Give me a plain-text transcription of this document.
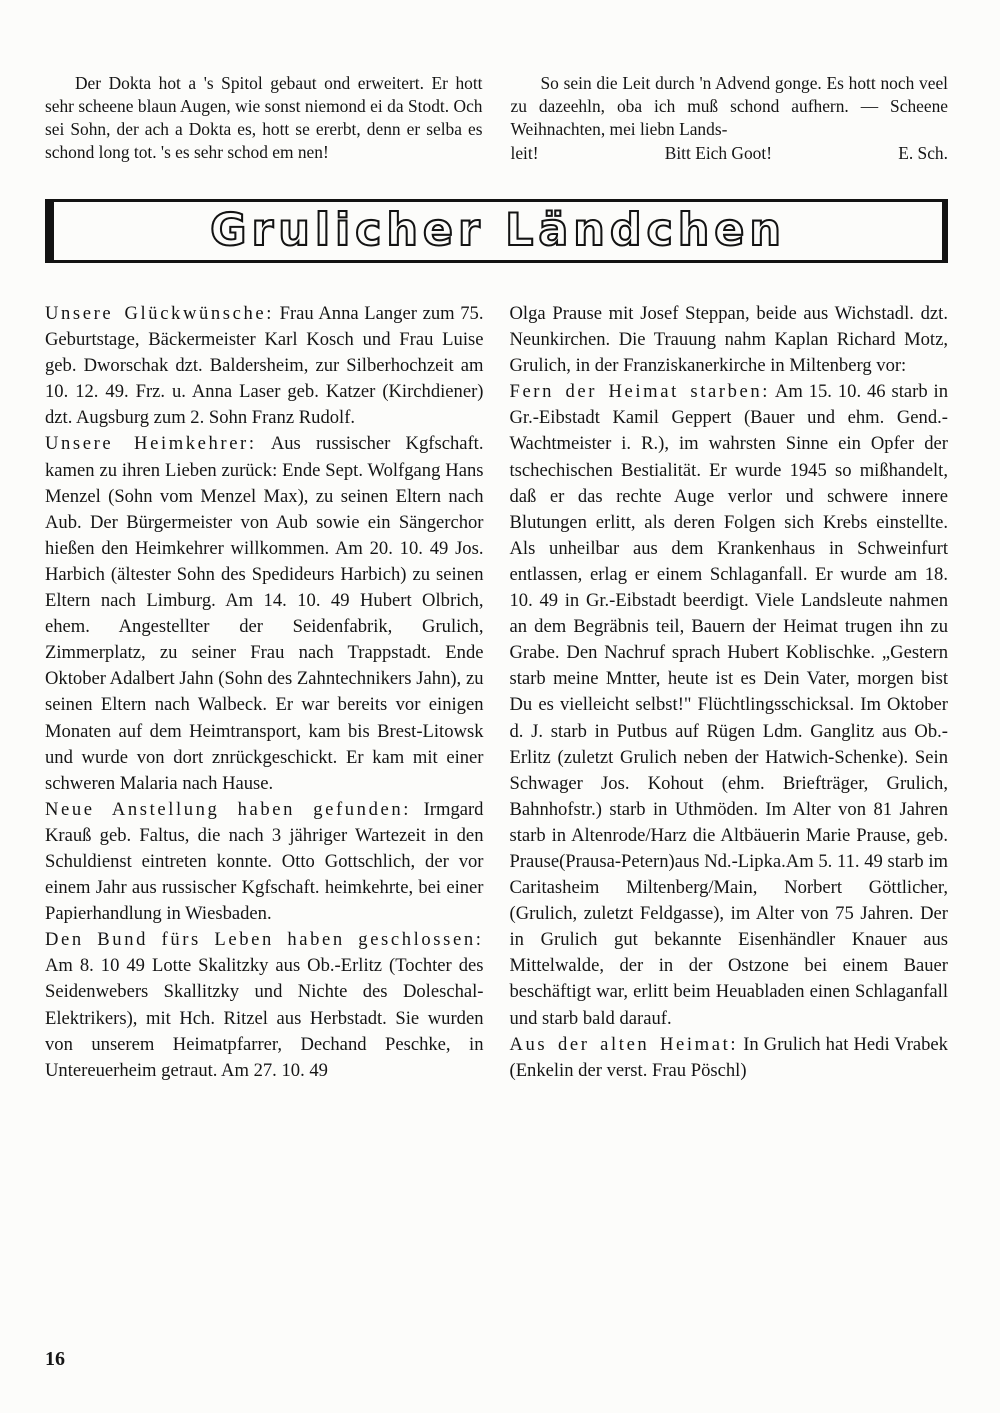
Der Dokta hot a 's Spitol gebaut ond erweitert. Er hott sehr scheene blaun Augen, wie sonst niemond ei da Stodt. Och sei Sohn, der ach a Dokta es, hott se ererbt, denn er selba es schond long tot. 's es sehr schod em nen!

So sein die Leit durch 'n Advend gonge. Es hott noch veel zu dazeehln, oba ich muß schond aufhern. — Scheene Weihnachten, mei liebn Lands-

leit!	Bitt Eich Goot!	E. Sch.
Grulicher Ländchen

Unsere Glückwünsche: Frau Anna Langer zum 75. Geburtstage, Bäckermeister Karl Kosch und Frau Luise geb. Dworschak dzt. Baldersheim, zur Silberhochzeit am 10. 12. 49. Frz. u. Anna Laser geb. Katzer (Kirchdiener) dzt. Augsburg zum 2. Sohn Franz Rudolf.

Unsere Heimkehrer: Aus russischer Kgfschaft. kamen zu ihren Lieben zurück: Ende Sept. Wolfgang Hans Menzel (Sohn vom Menzel Max), zu seinen Eltern nach Aub. Der Bürgermeister von Aub sowie ein Sängerchor hießen den Heimkehrer willkommen. Am 20. 10. 49 Jos. Harbich (ältester Sohn des Spedideurs Harbich) zu seinen Eltern nach Limburg. Am 14. 10. 49 Hubert Olbrich, ehem. Angestellter der Seidenfabrik, Grulich, Zimmerplatz, zu seiner Frau nach Trappstadt. Ende Oktober Adalbert Jahn (Sohn des Zahntechnikers Jahn), zu seinen Eltern nach Walbeck. Er war bereits vor einigen Monaten auf dem Heimtransport, kam bis Brest-Litowsk und wurde von dort znrückgeschickt. Er kam mit einer schweren Malaria nach Hause.

Neue Anstellung haben gefunden: Irmgard Krauß geb. Faltus, die nach 3 jähriger Wartezeit in den Schuldienst eintreten konnte. Otto Gottschlich, der vor einem Jahr aus russischer Kgfschaft. heimkehrte, bei einer Papierhandlung in Wiesbaden.

Den Bund fürs Leben haben geschlossen: Am 8. 10 49 Lotte Skalitzky aus Ob.-Erlitz (Tochter des Seidenwebers Skallitzky und Nichte des Doleschal-Elektrikers), mit Hch. Ritzel aus Herbstadt. Sie wurden von unserem Heimatpfarrer, Dechand Peschke, in Untereuerheim getraut. Am 27. 10. 49

Olga Prause mit Josef Steppan, beide aus Wichstadl. dzt. Neunkirchen. Die Trauung nahm Kaplan Richard Motz, Grulich, in der Franziskanerkirche in Miltenberg vor:

Fern der Heimat starben: Am 15. 10. 46 starb in Gr.-Eibstadt Kamil Geppert (Bauer und ehm. Gend.-Wachtmeister i. R.), im wahrsten Sinne ein Opfer der tschechischen Bestialität. Er wurde 1945 so mißhandelt, daß er das rechte Auge verlor und schwere innere Blutungen erlitt, als deren Folgen sich Krebs einstellte. Als unheilbar aus dem Krankenhaus in Schweinfurt entlassen, erlag er einem Schlaganfall. Er wurde am 18. 10. 49 in Gr.-Eibstadt beerdigt. Viele Landsleute nahmen an dem Begräbnis teil, Bauern der Heimat trugen ihn zu Grabe. Den Nachruf sprach Hubert Koblischke. „Gestern starb meine Mntter, heute ist es Dein Vater, morgen bist Du es vielleicht selbst!" Flüchtlingsschicksal. Im Oktober d. J. starb in Putbus auf Rügen Ldm. Ganglitz aus Ob.-Erlitz (zuletzt Grulich neben der Hatwich-Schenke). Sein Schwager Jos. Kohout (ehm. Briefträger, Grulich, Bahnhofstr.) starb in Uthmöden. Im Alter von 81 Jahren starb in Altenrode/Harz die Altbäuerin Marie Prause, geb. Prause(Prausa-Petern)aus Nd.-Lipka.Am 5. 11. 49 starb im Caritasheim Miltenberg/Main, Norbert Göttlicher, (Grulich, zuletzt Feldgasse), im Alter von 75 Jahren. Der in Grulich gut bekannte Eisenhändler Knauer aus Mittelwalde, der in der Ostzone bei einem Bauer beschäftigt war, erlitt beim Heuabladen einen Schlaganfall und starb bald darauf.

Aus der alten Heimat: In Grulich hat Hedi Vrabek (Enkelin der verst. Frau Pöschl)

16
